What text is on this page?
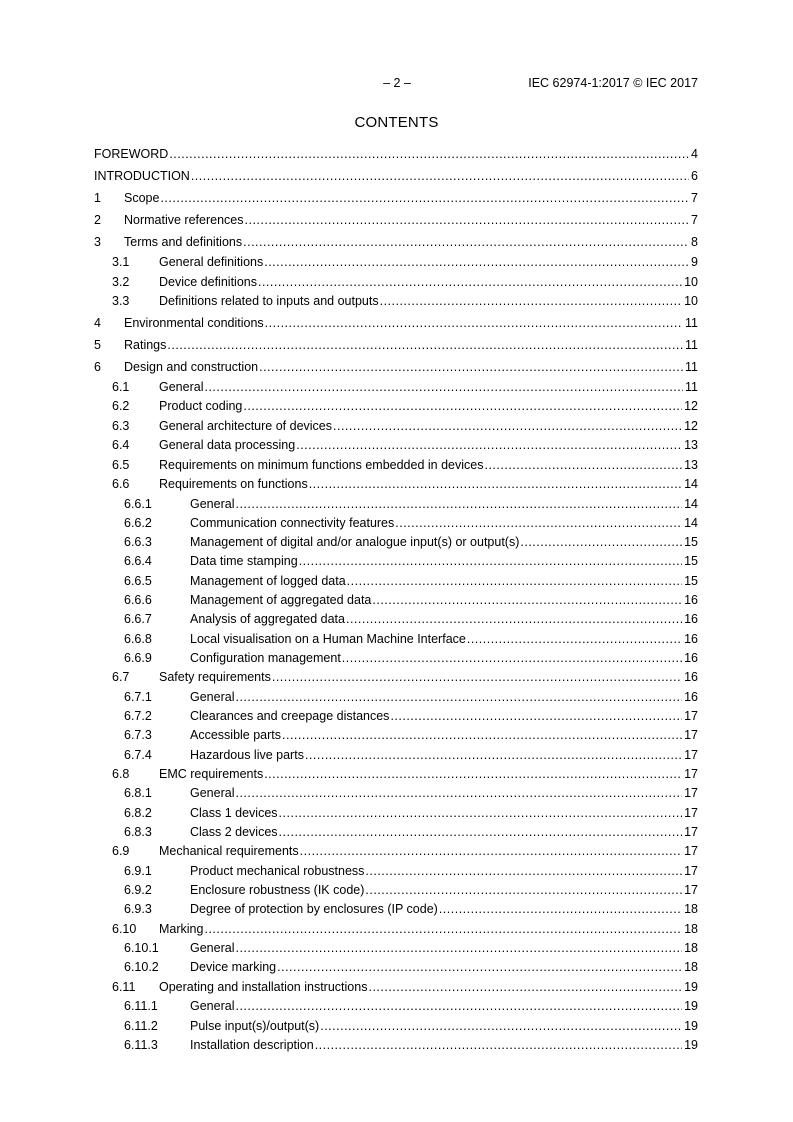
– 2 –	IEC 62974-1:2017 © IEC 2017
CONTENTS
FOREWORD .....	4
INTRODUCTION .....	6
1	Scope .....	7
2	Normative references .....	7
3	Terms and definitions .....	8
3.1	General definitions .....	9
3.2	Device definitions .....	10
3.3	Definitions related to inputs and outputs .....	10
4	Environmental conditions .....	11
5	Ratings .....	11
6	Design and construction .....	11
6.1	General .....	11
6.2	Product coding .....	12
6.3	General architecture of devices .....	12
6.4	General data processing .....	13
6.5	Requirements on minimum functions embedded in devices .....	13
6.6	Requirements on functions .....	14
6.6.1	General .....	14
6.6.2	Communication connectivity features .....	14
6.6.3	Management of digital and/or analogue input(s) or output(s) .....	15
6.6.4	Data time stamping .....	15
6.6.5	Management of logged data .....	15
6.6.6	Management of aggregated data .....	16
6.6.7	Analysis of aggregated data .....	16
6.6.8	Local visualisation on a Human Machine Interface .....	16
6.6.9	Configuration management .....	16
6.7	Safety requirements .....	16
6.7.1	General .....	16
6.7.2	Clearances and creepage distances .....	17
6.7.3	Accessible parts .....	17
6.7.4	Hazardous live parts .....	17
6.8	EMC requirements .....	17
6.8.1	General .....	17
6.8.2	Class 1 devices .....	17
6.8.3	Class 2 devices .....	17
6.9	Mechanical requirements .....	17
6.9.1	Product mechanical robustness .....	17
6.9.2	Enclosure robustness (IK code) .....	17
6.9.3	Degree of protection by enclosures (IP code) .....	18
6.10	Marking .....	18
6.10.1	General .....	18
6.10.2	Device marking .....	18
6.11	Operating and installation instructions .....	19
6.11.1	General .....	19
6.11.2	Pulse input(s)/output(s) .....	19
6.11.3	Installation description .....	19
